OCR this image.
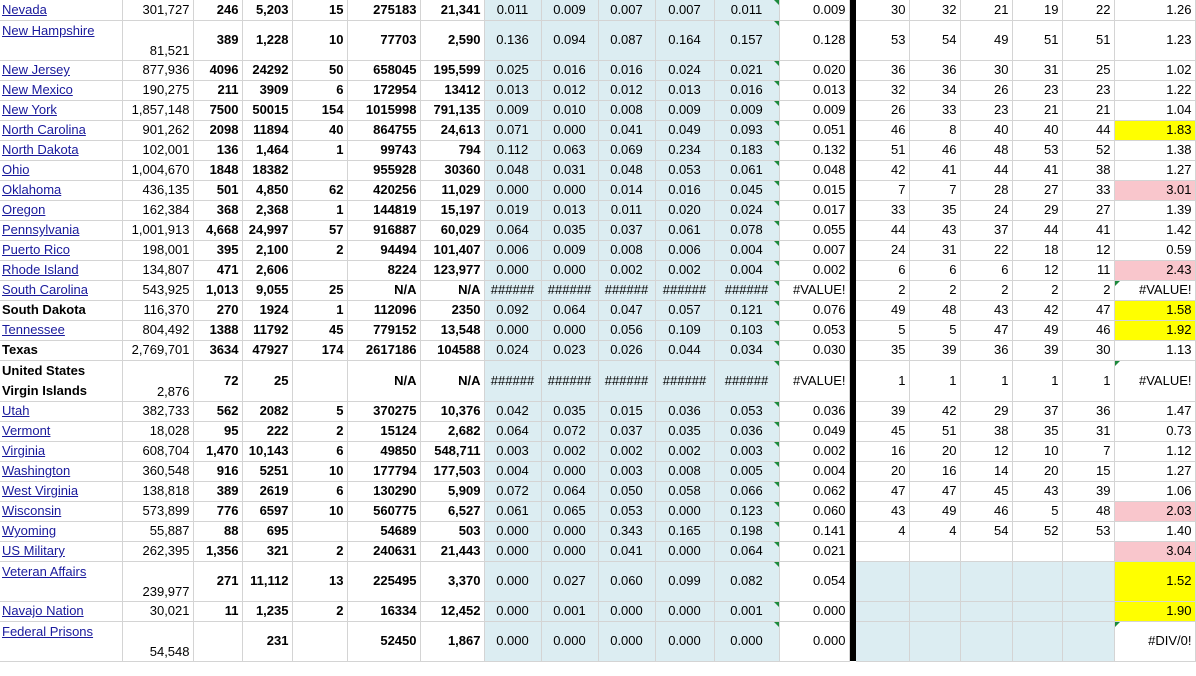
Nevada	301,727	246	5,203	15	275183	21,341	0.011	0.009	0.007	0.007	0.011	0.009		30	32	21	19	22	1.26
New Hampshire	81,521	389	1,228	10	77703	2,590	0.136	0.094	0.087	0.164	0.157	0.128		53	54	49	51	51	1.23
New Jersey	877,936	4096	24292	50	658045	195,599	0.025	0.016	0.016	0.024	0.021	0.020		36	36	30	31	25	1.02
New Mexico	190,275	211	3909	6	172954	13412	0.013	0.012	0.012	0.013	0.016	0.013		32	34	26	23	23	1.22
New York	1,857,148	7500	50015	154	1015998	791,135	0.009	0.010	0.008	0.009	0.009	0.009		26	33	23	21	21	1.04
North Carolina	901,262	2098	11894	40	864755	24,613	0.071	0.000	0.041	0.049	0.093	0.051		46	8	40	40	44	1.83
North Dakota	102,001	136	1,464	1	99743	794	0.112	0.063	0.069	0.234	0.183	0.132		51	46	48	53	52	1.38
Ohio	1,004,670	1848	18382		955928	30360	0.048	0.031	0.048	0.053	0.061	0.048		42	41	44	41	38	1.27
Oklahoma	436,135	501	4,850	62	420256	11,029	0.000	0.000	0.014	0.016	0.045	0.015		7	7	28	27	33	3.01
Oregon	162,384	368	2,368	1	144819	15,197	0.019	0.013	0.011	0.020	0.024	0.017		33	35	24	29	27	1.39
Pennsylvania	1,001,913	4,668	24,997	57	916887	60,029	0.064	0.035	0.037	0.061	0.078	0.055		44	43	37	44	41	1.42
Puerto Rico	198,001	395	2,100	2	94494	101,407	0.006	0.009	0.008	0.006	0.004	0.007		24	31	22	18	12	0.59
Rhode Island	134,807	471	2,606		8224	123,977	0.000	0.000	0.002	0.002	0.004	0.002		6	6	6	12	11	2.43
South Carolina	543,925	1,013	9,055	25	N/A	N/A	######	######	######	######	######	#VALUE!		2	2	2	2	2	#VALUE!
South Dakota	116,370	270	1924	1	112096	2350	0.092	0.064	0.047	0.057	0.121	0.076		49	48	43	42	47	1.58
Tennessee	804,492	1388	11792	45	779152	13,548	0.000	0.000	0.056	0.109	0.103	0.053		5	5	47	49	46	1.92
Texas	2,769,701	3634	47927	174	2617186	104588	0.024	0.023	0.026	0.044	0.034	0.030		35	39	36	39	30	1.13
United States Virgin Islands	2,876	72	25		N/A	N/A	######	######	######	######	######	#VALUE!		1	1	1	1	1	#VALUE!
Utah	382,733	562	2082	5	370275	10,376	0.042	0.035	0.015	0.036	0.053	0.036		39	42	29	37	36	1.47
Vermont	18,028	95	222	2	15124	2,682	0.064	0.072	0.037	0.035	0.036	0.049		45	51	38	35	31	0.73
Virginia	608,704	1,470	10,143	6	49850	548,711	0.003	0.002	0.002	0.002	0.003	0.002		16	20	12	10	7	1.12
Washington	360,548	916	5251	10	177794	177,503	0.004	0.000	0.003	0.008	0.005	0.004		20	16	14	20	15	1.27
West Virginia	138,818	389	2619	6	130290	5,909	0.072	0.064	0.050	0.058	0.066	0.062		47	47	45	43	39	1.06
Wisconsin	573,899	776	6597	10	560775	6,527	0.061	0.065	0.053	0.000	0.123	0.060		43	49	46	5	48	2.03
Wyoming	55,887	88	695		54689	503	0.000	0.000	0.343	0.165	0.198	0.141		4	4	54	52	53	1.40
US Military	262,395	1,356	321	2	240631	21,443	0.000	0.000	0.041	0.000	0.064	0.021							3.04
Veteran Affairs	239,977	271	11,112	13	225495	3,370	0.000	0.027	0.060	0.099	0.082	0.054							1.52
Navajo Nation	30,021	11	1,235	2	16334	12,452	0.000	0.001	0.000	0.000	0.001	0.000							1.90
Federal Prisons	54,548		231		52450	1,867	0.000	0.000	0.000	0.000	0.000	0.000							#DIV/0!
